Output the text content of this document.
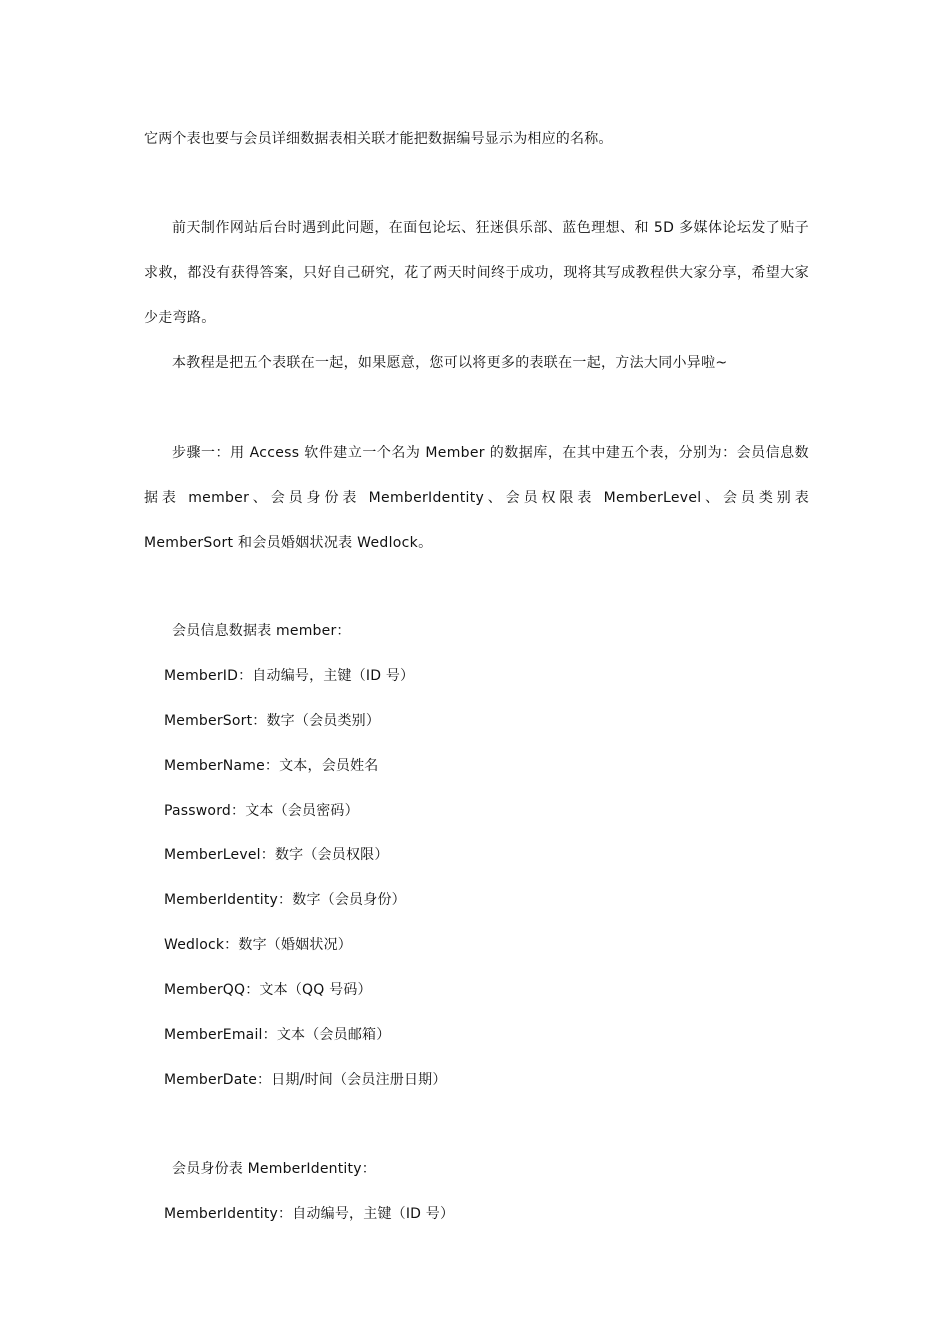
它两个表也要与会员详细数据表相关联才能把数据编号显示为相应的名称。
前天制作网站后台时遇到此问题，在面包论坛、狂迷俱乐部、蓝色理想、和 5D 多媒体论坛发了贴子求救，都没有获得答案，只好自己研究，花了两天时间终于成功，现将其写成教程供大家分享，希望大家少走弯路。
本教程是把五个表联在一起，如果愿意，您可以将更多的表联在一起，方法大同小异啦~
步骤一：用 Access 软件建立一个名为 Member 的数据库，在其中建五个表，分别为：会员信息数据表 member、会员身份表 MemberIdentity、会员权限表 MemberLevel、会员类别表 MemberSort 和会员婚姻状况表 Wedlock。
会员信息数据表 member：
MemberID：自动编号，主键（ID 号）
MemberSort：数字（会员类别）
MemberName：文本，会员姓名
Password：文本（会员密码）
MemberLevel：数字（会员权限）
MemberIdentity：数字（会员身份）
Wedlock：数字（婚姻状况）
MemberQQ：文本（QQ 号码）
MemberEmail：文本（会员邮箱）
MemberDate：日期/时间（会员注册日期）
会员身份表 MemberIdentity：
MemberIdentity：自动编号，主键（ID 号）
